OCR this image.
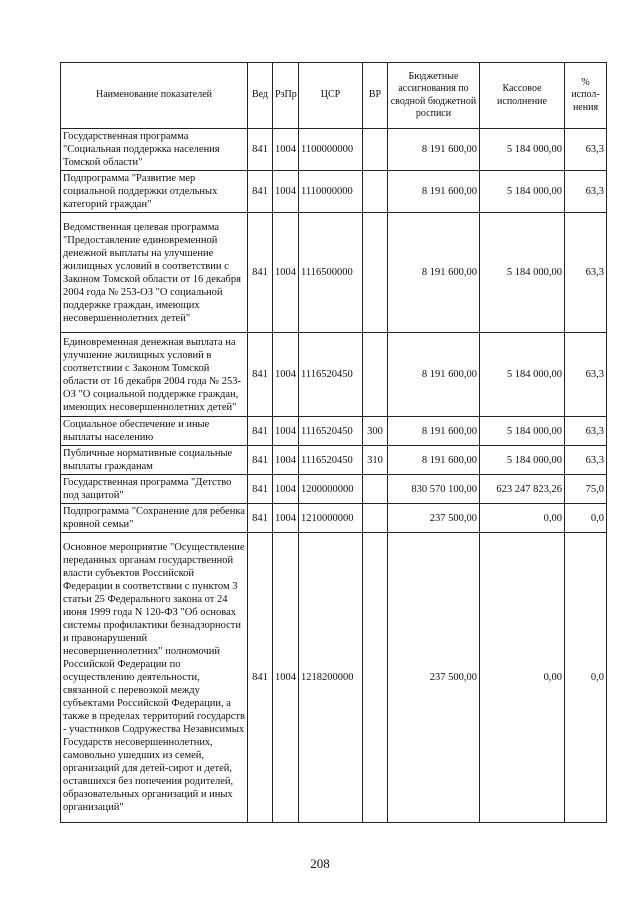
Наименование показателей	Вед	РзПр	ЦСР	ВР	Бюджетные ассигнования по сводной бюджетной росписи	Кассовое исполнение	% испол-нения
Государственная программа "Социальная поддержка населения Томской области"	841	1004	1100000000		8 191 600,00	5 184 000,00	63,3
Подпрограмма "Развитие мер социальной поддержки отдельных категорий граждан"	841	1004	1110000000		8 191 600,00	5 184 000,00	63,3
Ведомственная целевая программа "Предоставление единовременной денежной выплаты на улучшение жилищных условий в соответствии с Законом Томской области от 16 декабря 2004 года № 253-ОЗ "О социальной поддержке граждан, имеющих несовершеннолетних детей"	841	1004	1116500000		8 191 600,00	5 184 000,00	63,3
Единовременная денежная выплата на улучшение жилищных условий в соответствии с Законом Томской области от 16 декабря 2004 года № 253-ОЗ "О социальной поддержке граждан, имеющих несовершеннолетних детей"	841	1004	1116520450		8 191 600,00	5 184 000,00	63,3
Социальное обеспечение и иные выплаты населению	841	1004	1116520450	300	8 191 600,00	5 184 000,00	63,3
Публичные нормативные социальные выплаты гражданам	841	1004	1116520450	310	8 191 600,00	5 184 000,00	63,3
Государственная программа "Детство под защитой"	841	1004	1200000000		830 570 100,00	623 247 823,26	75,0
Подпрограмма "Сохранение для ребенка кровной семьи"	841	1004	1210000000		237 500,00	0,00	0,0
Основное мероприятие "Осуществление переданных органам государственной власти субъектов Российской Федерации в соответствии с пунктом 3 статьи 25 Федерального закона от 24 июня 1999 года N 120-ФЗ "Об основах системы профилактики безнадзорности и правонарушений несовершеннолетних" полномочий Российской Федерации по осуществлению деятельности, связанной с перевозкой между субъектами Российской Федерации, а также в пределах территорий государств - участников Содружества Независимых Государств несовершеннолетних, самовольно ушедших из семей, организаций для детей-сирот и детей, оставшихся без попечения родителей, образовательных организаций и иных организаций"	841	1004	1218200000		237 500,00	0,00	0,0
208
